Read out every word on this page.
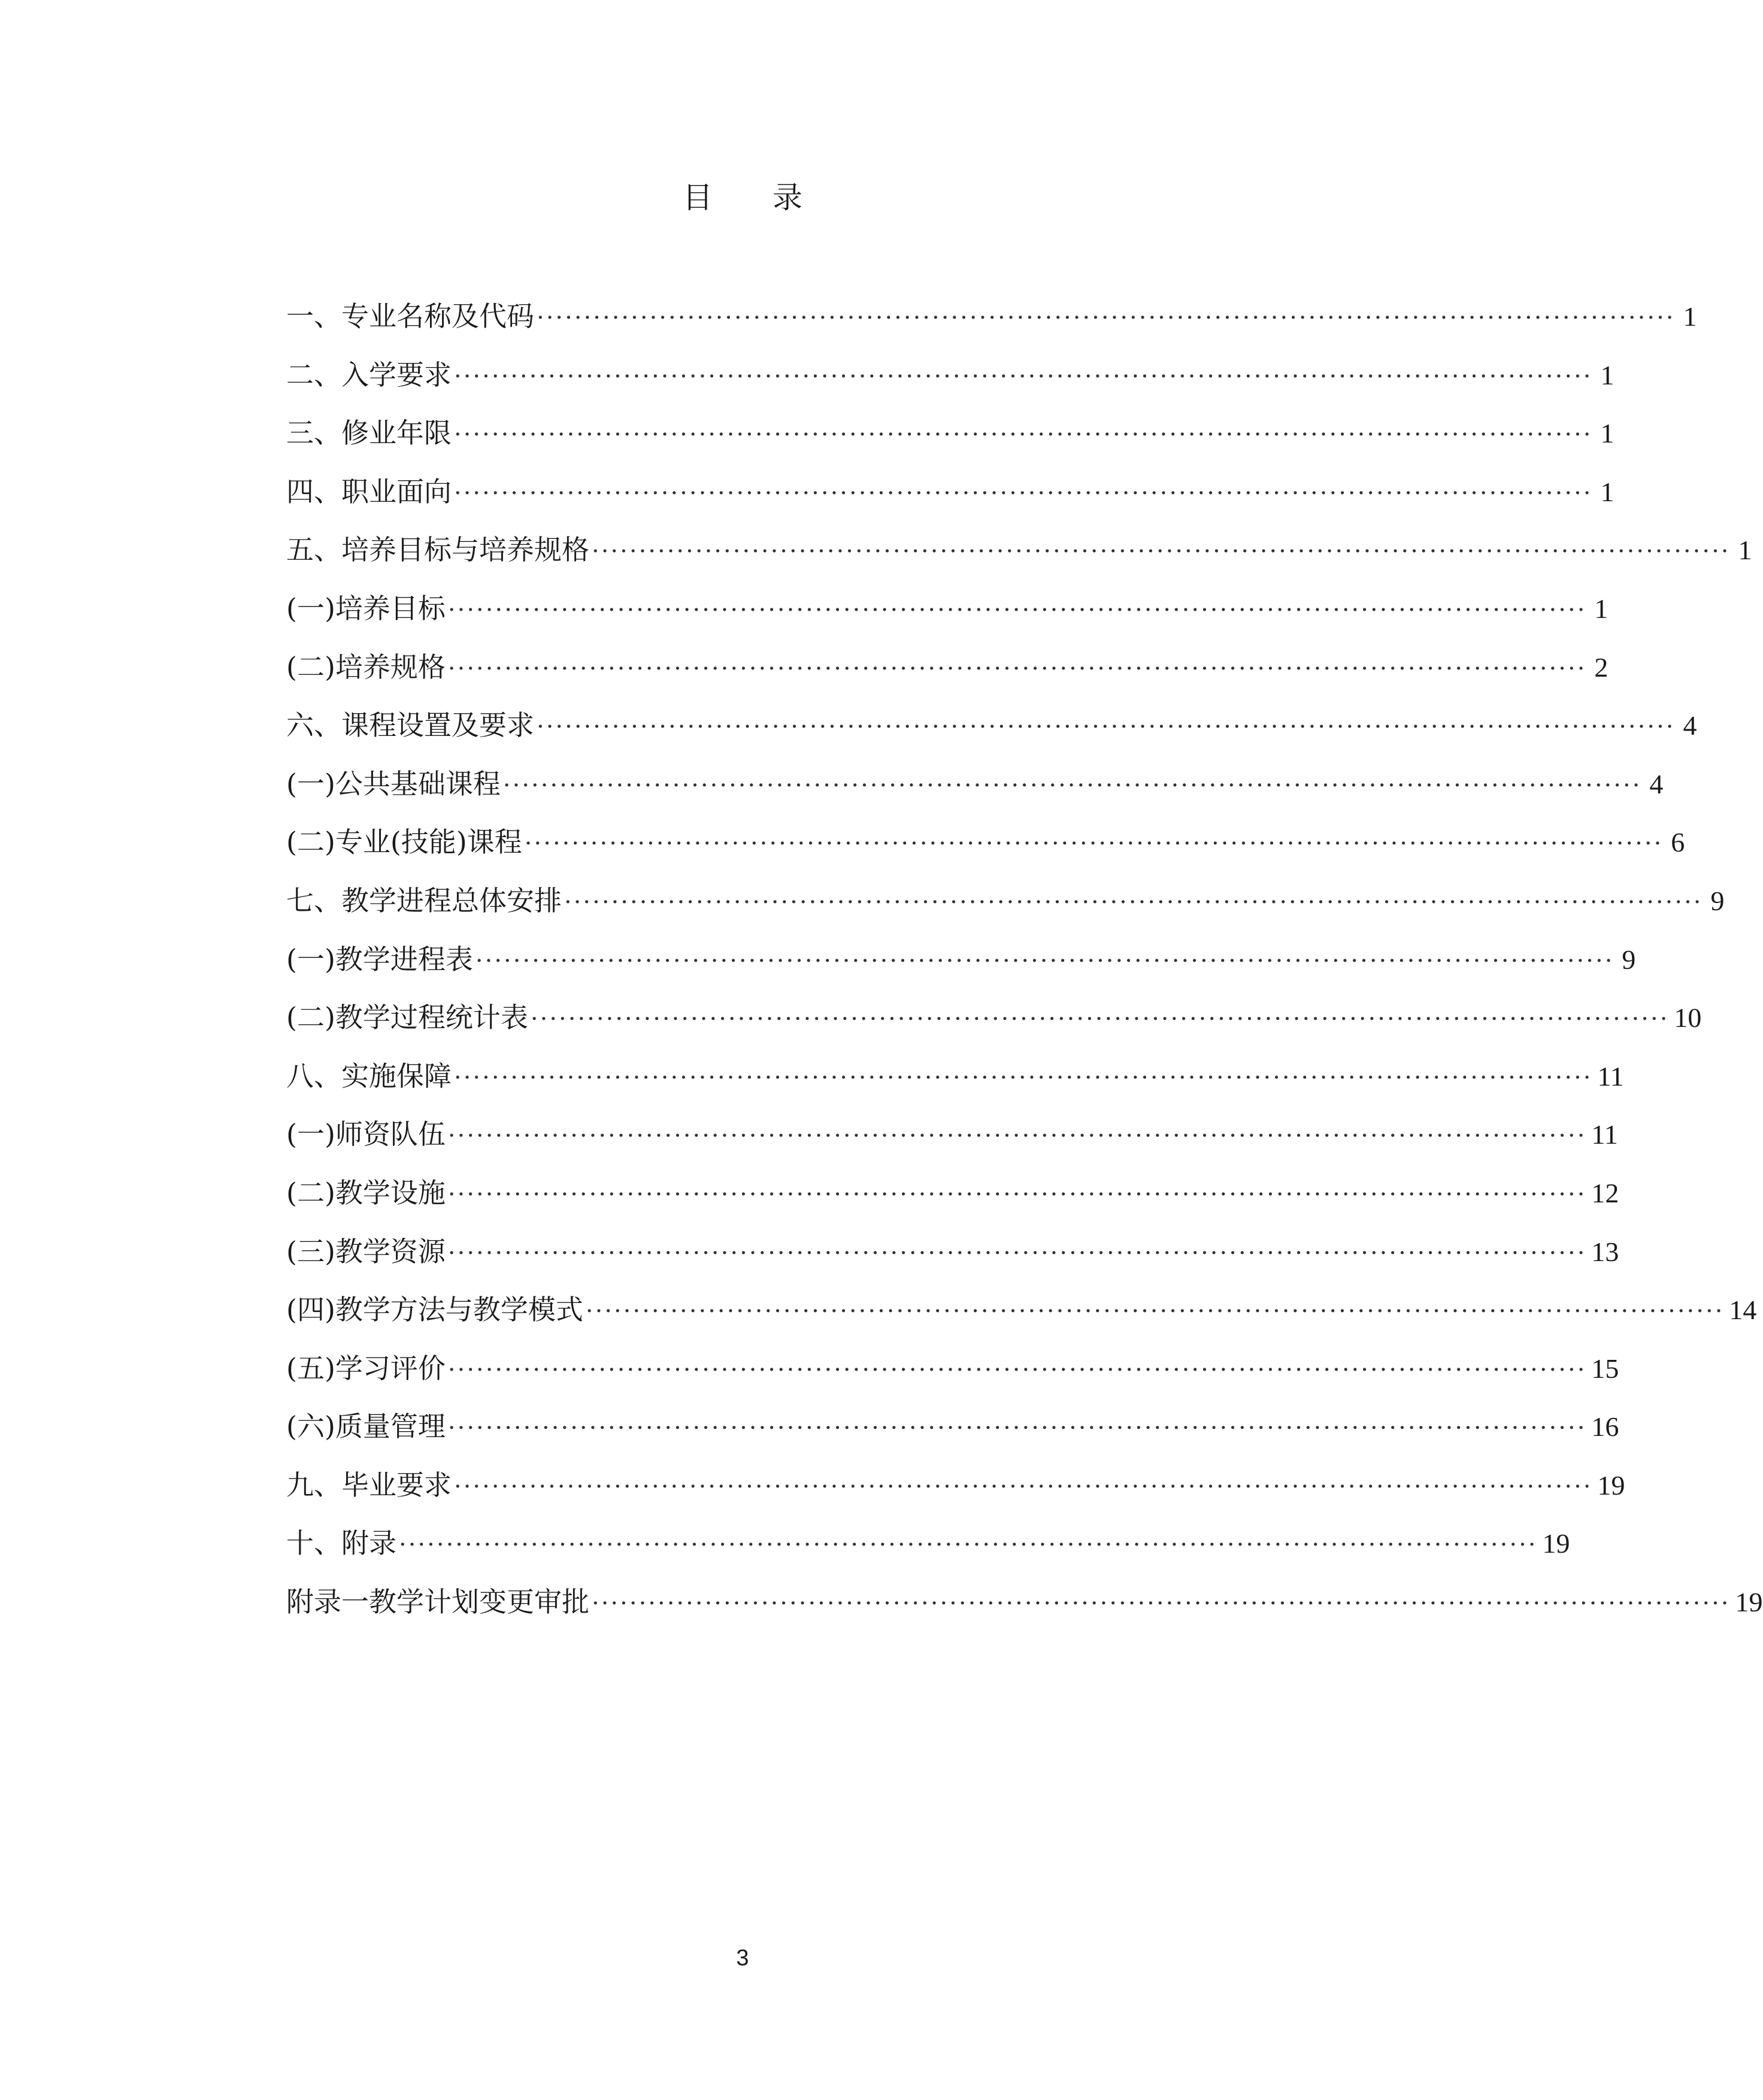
目　　录
一、专业名称及代码 ························································································································· 1
二、入学要求 ························································································································· 1
三、修业年限 ························································································································· 1
四、职业面向 ························································································································· 1
五、培养目标与培养规格 ························································································································· 1
(一)培养目标 ························································································································· 1
(二)培养规格 ························································································································· 2
六、课程设置及要求 ························································································································· 4
(一)公共基础课程 ························································································································· 4
(二)专业(技能)课程 ························································································································· 6
七、教学进程总体安排 ························································································································· 9
(一)教学进程表 ························································································································· 9
(二)教学过程统计表 ························································································································· 10
八、实施保障 ························································································································· 11
(一)师资队伍 ························································································································· 11
(二)教学设施 ························································································································· 12
(三)教学资源 ························································································································· 13
(四)教学方法与教学模式 ························································································································· 14
(五)学习评价 ························································································································· 15
(六)质量管理 ························································································································· 16
九、毕业要求 ························································································································· 19
十、附录 ························································································································· 19
附录一教学计划变更审批 ························································································································· 19
3
